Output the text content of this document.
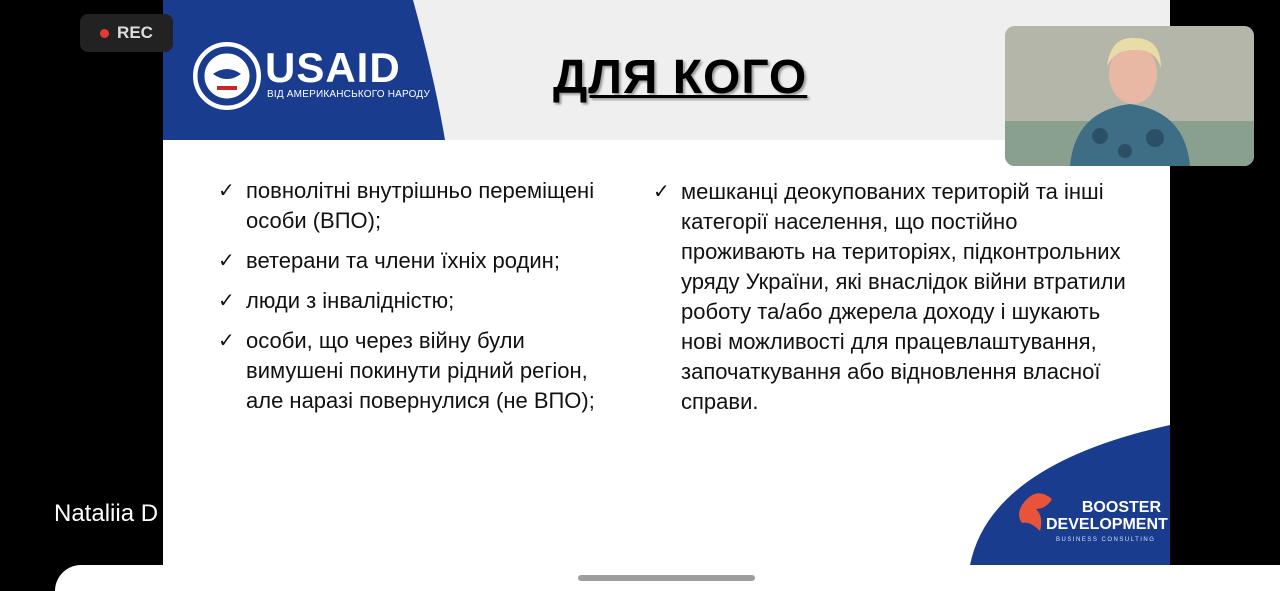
USAID
ВІД АМЕРИКАНСЬКОГО НАРОДУ	ДЛЯ КОГО
✓ повнолітні внутрішньо переміщені особи (ВПО);
✓ ветерани та члени їхніх родин;
✓ люди з інвалідністю;
✓ особи, що через війну були вимушені покинути рідний регіон, але наразі повернулися (не ВПО);
✓ мешканці деокупованих територій та інші категорії населення, що постійно проживають на територіях, підконтрольних уряду України, які внаслідок війни втратили роботу та/або джерела доходу і шукають нові можливості для працевлаштування, започаткування або відновлення власної справи.
BOOSTER
DEVELOPMENT
BUSINESS CONSULTING
REC
Nataliia D
